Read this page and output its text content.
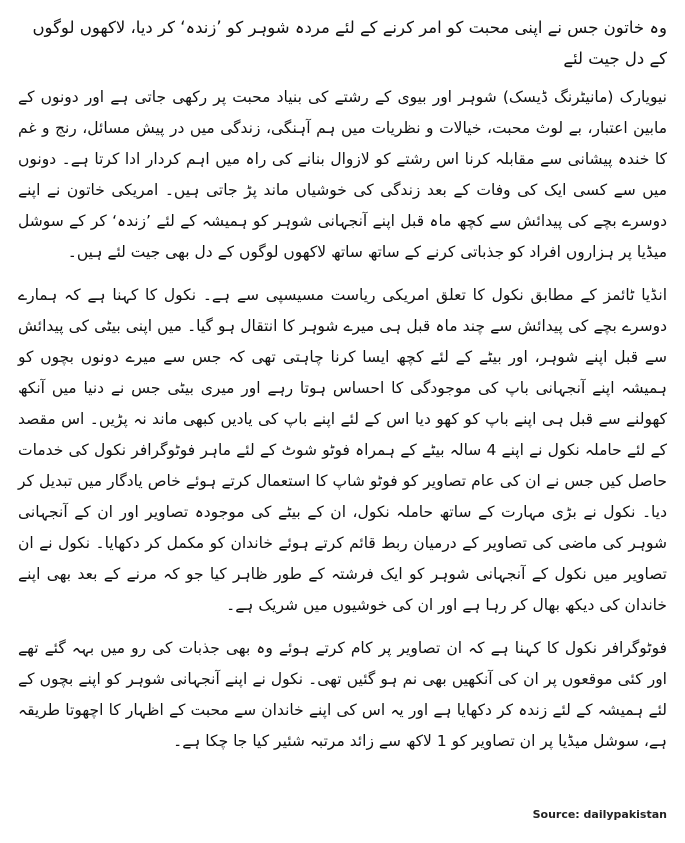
وہ خاتون جس نے اپنی محبت کو امر کرنے کے لئے مردہ شوہر کو ’زندہ‘ کر دیا، لاکھوں لوگوں کے دل جیت لئے

نیویارک (مانیٹرنگ ڈیسک) شوہر اور بیوی کے رشتے کی بنیاد محبت پر رکھی جاتی ہے اور دونوں کے مابین اعتبار، بے لوث محبت، خیالات و نظریات میں ہم آہنگی، زندگی میں در پیش مسائل، رنج و غم کا خندہ پیشانی سے مقابلہ کرنا اس رشتے کو لازوال بنانے کی راہ میں اہم کردار ادا کرتا ہے۔ دونوں میں سے کسی ایک کی وفات کے بعد زندگی کی خوشیاں ماند پڑ جاتی ہیں۔ امریکی خاتون نے اپنے دوسرے بچے کی پیدائش سے کچھ ماہ قبل اپنے آنجہانی شوہر کو ہمیشہ کے لئے ’زندہ‘ کر کے سوشل میڈیا پر ہزاروں افراد کو جذباتی کرنے کے ساتھ ساتھ لاکھوں لوگوں کے دل بھی جیت لئے ہیں۔

انڈیا ٹائمز کے مطابق نکول کا تعلق امریکی ریاست مسیسپی سے ہے۔ نکول کا کہنا ہے کہ ہمارے دوسرے بچے کی پیدائش سے چند ماہ قبل ہی میرے شوہر کا انتقال ہو گیا۔ میں اپنی بیٹی کی پیدائش سے قبل اپنے شوہر، اور بیٹے کے لئے کچھ ایسا کرنا چاہتی تھی کہ جس سے میرے دونوں بچوں کو ہمیشہ اپنے آنجہانی باپ کی موجودگی کا احساس ہوتا رہے اور میری بیٹی جس نے دنیا میں آنکھ کھولنے سے قبل ہی اپنے باپ کو کھو دیا اس کے لئے اپنے باپ کی یادیں کبھی ماند نہ پڑیں۔ اس مقصد کے لئے حاملہ نکول نے اپنے 4 سالہ بیٹے کے ہمراہ فوٹو شوٹ کے لئے ماہر فوٹوگرافر نکول کی خدمات حاصل کیں جس نے ان کی عام تصاویر کو فوٹو شاپ کا استعمال کرتے ہوئے خاص یادگار میں تبدیل کر دیا۔ نکول نے بڑی مہارت کے ساتھ حاملہ نکول، ان کے بیٹے کی موجودہ تصاویر اور ان کے آنجہانی شوہر کی ماضی کی تصاویر کے درمیان ربط قائم کرتے ہوئے خاندان کو مکمل کر دکھایا۔ نکول نے ان تصاویر میں نکول کے آنجہانی شوہر کو ایک فرشتہ کے طور ظاہر کیا جو کہ مرنے کے بعد بھی اپنے خاندان کی دیکھ بھال کر رہا ہے اور ان کی خوشیوں میں شریک ہے۔

فوٹوگرافر نکول کا کہنا ہے کہ ان تصاویر پر کام کرتے ہوئے وہ بھی جذبات کی رو میں بہہ گئے تھے اور کئی موقعوں پر ان کی آنکھیں بھی نم ہو گئیں تھی۔ نکول نے اپنے آنجہانی شوہر کو اپنے بچوں کے لئے ہمیشہ کے لئے زندہ کر دکھایا ہے اور یہ اس کی اپنے خاندان سے محبت کے اظہار کا اچھوتا طریقہ ہے، سوشل میڈیا پر ان تصاویر کو 1 لاکھ سے زائد مرتبہ شئیر کیا جا چکا ہے۔

Source: dailypakistan
